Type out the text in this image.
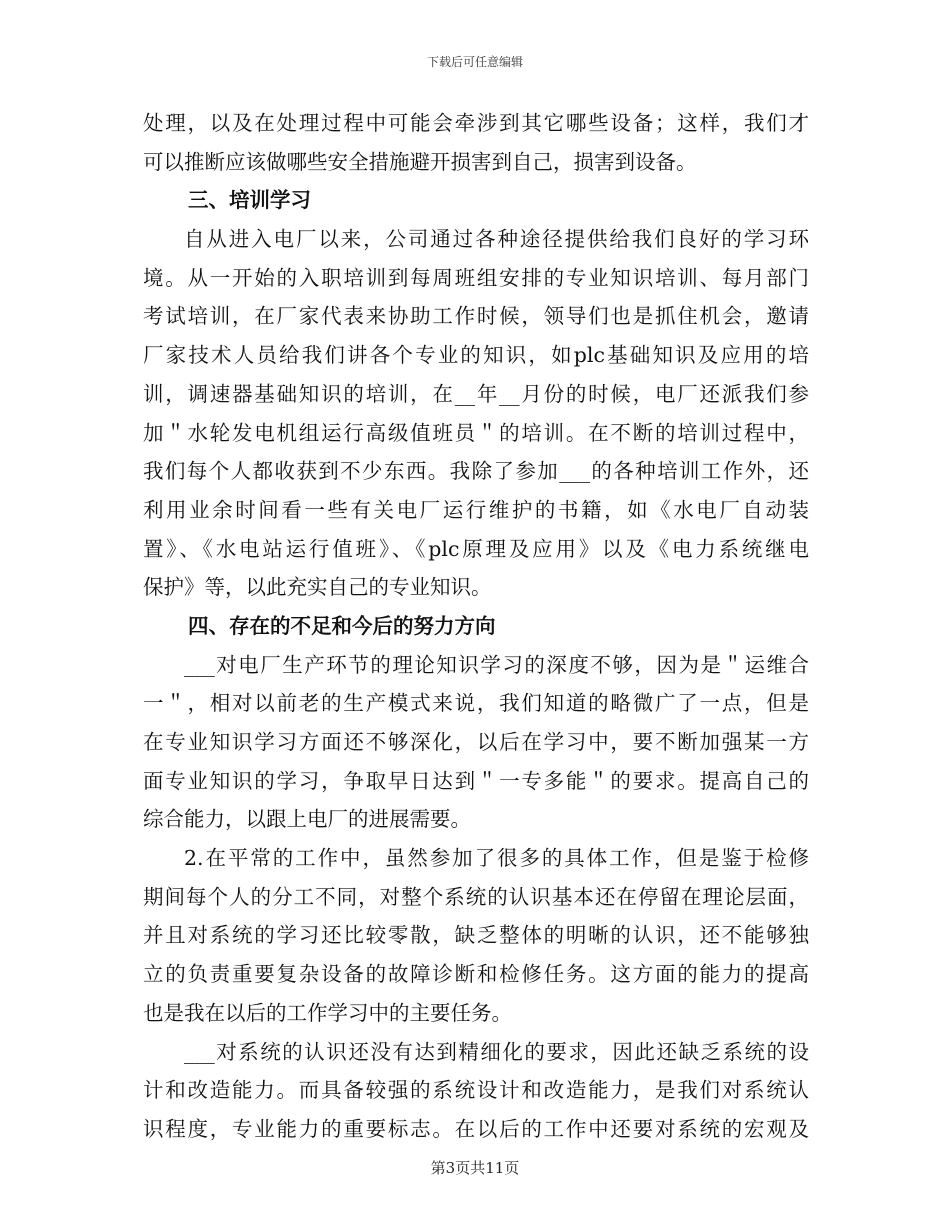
下载后可任意编辑
处理，以及在处理过程中可能会牵涉到其它哪些设备；这样，我们才
可以推断应该做哪些安全措施避开损害到自己，损害到设备。
三、培训学习
自从进入电厂以来，公司通过各种途径提供给我们良好的学习环
境。从一开始的入职培训到每周班组安排的专业知识培训、每月部门
考试培训，在厂家代表来协助工作时候，领导们也是抓住机会，邀请
厂家技术人员给我们讲各个专业的知识，如plc基础知识及应用的培
训，调速器基础知识的培训，在__年__月份的时候，电厂还派我们参
加＂水轮发电机组运行高级值班员＂的培训。在不断的培训过程中，
我们每个人都收获到不少东西。我除了参加___的各种培训工作外，还
利用业余时间看一些有关电厂运行维护的书籍，如《水电厂自动装
置》、《水电站运行值班》、《plc原理及应用》以及《电力系统继电
保护》等，以此充实自己的专业知识。
四、存在的不足和今后的努力方向
___对电厂生产环节的理论知识学习的深度不够，因为是＂运维合
一＂，相对以前老的生产模式来说，我们知道的略微广了一点，但是
在专业知识学习方面还不够深化，以后在学习中，要不断加强某一方
面专业知识的学习，争取早日达到＂一专多能＂的要求。提高自己的
综合能力，以跟上电厂的进展需要。
2.在平常的工作中，虽然参加了很多的具体工作，但是鉴于检修
期间每个人的分工不同，对整个系统的认识基本还在停留在理论层面，
并且对系统的学习还比较零散，缺乏整体的明晰的认识，还不能够独
立的负责重要复杂设备的故障诊断和检修任务。这方面的能力的提高
也是我在以后的工作学习中的主要任务。
___对系统的认识还没有达到精细化的要求，因此还缺乏系统的设
计和改造能力。而具备较强的系统设计和改造能力，是我们对系统认
识程度，专业能力的重要标志。在以后的工作中还要对系统的宏观及
第3页共11页
